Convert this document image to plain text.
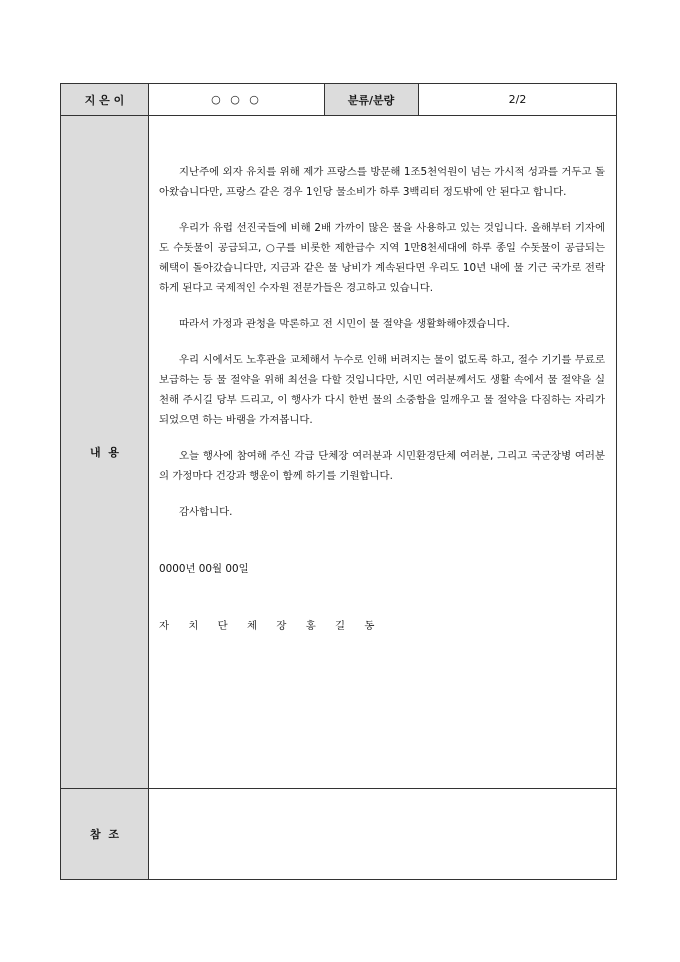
지 은 이	○ ○ ○	분류/분량	2/2
내  용

지난주에 외자 유치를 위해 제가 프랑스를 방문해 1조5천억원이 넘는 가시적 성과를 거두고 돌아왔습니다만, 프랑스 같은 경우 1인당 물소비가 하루 3백리터 정도밖에 안 된다고 합니다.

우리가 유럽 선진국들에 비해 2배 가까이 많은 물을 사용하고 있는 것입니다. 올해부터 기자에도 수돗물이 공급되고, ○구를 비롯한 제한급수 지역 1만8천세대에 하루 종일 수돗물이 공급되는 혜택이 돌아갔습니다만, 지금과 같은 물 낭비가 계속된다면 우리도 10년 내에 물 기근 국가로 전락하게 된다고 국제적인 수자원 전문가들은 경고하고 있습니다.

따라서 가정과 관청을 막론하고 전 시민이 물 절약을 생활화해야겠습니다.

우리 시에서도 노후관을 교체해서 누수로 인해 버려지는 물이 없도록 하고, 절수 기기를 무료로 보급하는 등 물 절약을 위해 최선을 다할 것입니다만, 시민 여러분께서도 생활 속에서 물 절약을 실천해 주시길 당부 드리고, 이 행사가 다시 한번 물의 소중함을 일깨우고 물 절약을 다짐하는 자리가 되었으면 하는 바램을 가져봅니다.

오늘 행사에 참여해 주신 각급 단체장 여러분과 시민환경단체 여러분, 그리고 국군장병 여러분의 가정마다 건강과 행운이 함께 하기를 기원합니다.

감사합니다.

0000년 00월 00일

자 치 단 체 장 홍 길 동

참  조
